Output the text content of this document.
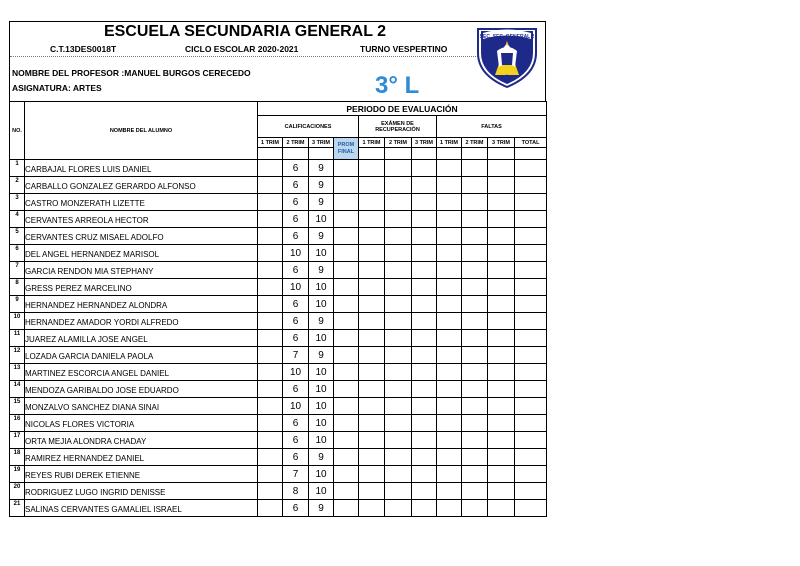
ESCUELA SECUNDARIA GENERAL 2
C.T.13DES0018T	CICLO ESCOLAR 2020-2021	TURNO VESPERTINO
NOMBRE DEL PROFESOR :MANUEL BURGOS CERECEDO
ASIGNATURA: ARTES	3° L
SEC. SEC. GENERAL 2
2
NO.	NOMBRE DEL ALUMNO	PERIODO DE EVALUACIÓN										
		CALIFICACIONES				EXÁMEN DE
RECUPERACIÓN			FALTAS			
		1 TRIM	2 TRIM	3 TRIM	PROM
FINAL	1 TRIM	2 TRIM	3 TRIM	1 TRIM	2 TRIM	3 TRIM	TOTAL

1	CARBAJAL FLORES LUIS DANIEL		6	9								
2	CARBALLO GONZALEZ GERARDO ALFONSO		6	9								
3	CASTRO MONZERATH LIZETTE		6	9								
4	CERVANTES ARREOLA HECTOR		6	10								
5	CERVANTES CRUZ MISAEL ADOLFO		6	9								
6	DEL ANGEL HERNANDEZ MARISOL		10	10								
7	GARCIA RENDON MIA STEPHANY		6	9								
8	GRESS PEREZ MARCELINO		10	10								
9	HERNANDEZ HERNANDEZ ALONDRA		6	10								
10	HERNANDEZ AMADOR YORDI ALFREDO		6	9								
11	JUAREZ ALAMILLA JOSE ANGEL		6	10								
12	LOZADA GARCIA DANIELA PAOLA		7	9								
13	MARTINEZ ESCORCIA ANGEL DANIEL		10	10								
14	MENDOZA GARIBALDO JOSE EDUARDO		6	10								
15	MONZALVO SANCHEZ DIANA SINAI		10	10								
16	NICOLAS FLORES VICTORIA		6	10								
17	ORTA MEJIA ALONDRA CHADAY		6	10								
18	RAMIREZ HERNANDEZ DANIEL		6	9								
19	REYES RUBI DEREK ETIENNE		7	10								
20	RODRIGUEZ LUGO INGRID DENISSE		8	10								
21	SALINAS CERVANTES GAMALIEL ISRAEL		6	9								
